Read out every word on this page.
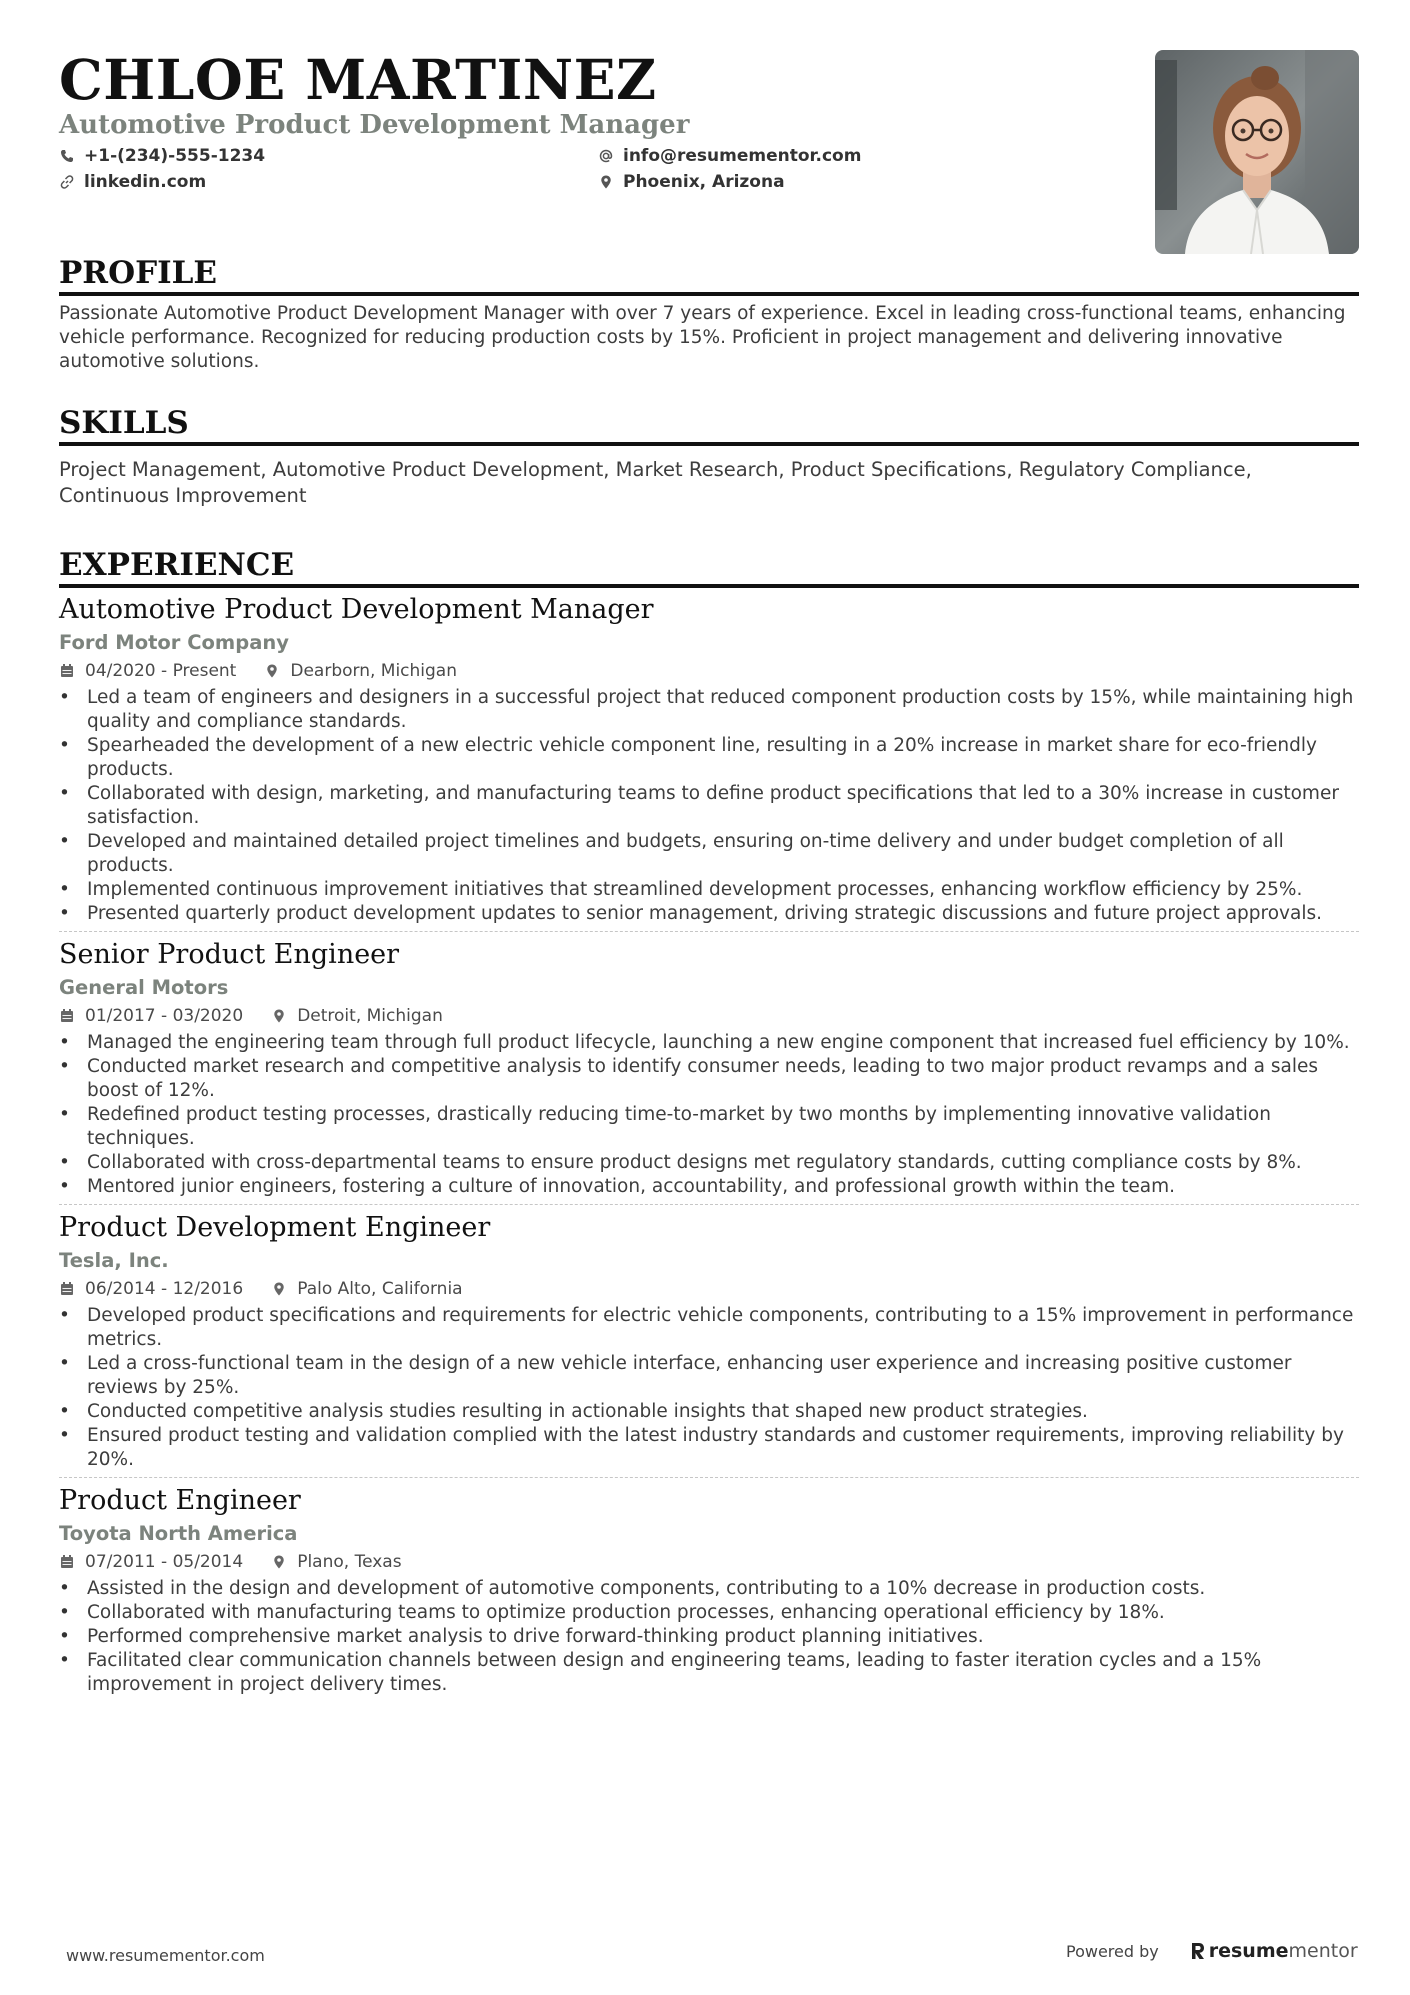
CHLOE MARTINEZ
Automotive Product Development Manager
+1-(234)-555-1234	info@resumementor.com
linkedin.com	Phoenix, Arizona
PROFILE
Passionate Automotive Product Development Manager with over 7 years of experience. Excel in leading cross-functional teams, enhancing vehicle performance. Recognized for reducing production costs by 15%. Proficient in project management and delivering innovative automotive solutions.
SKILLS
Project Management, Automotive Product Development, Market Research, Product Specifications, Regulatory Compliance, Continuous Improvement
EXPERIENCE
Automotive Product Development Manager
Ford Motor Company
04/2020 - Present	Dearborn, Michigan
• Led a team of engineers and designers in a successful project that reduced component production costs by 15%, while maintaining high quality and compliance standards.
• Spearheaded the development of a new electric vehicle component line, resulting in a 20% increase in market share for eco-friendly products.
• Collaborated with design, marketing, and manufacturing teams to define product specifications that led to a 30% increase in customer satisfaction.
• Developed and maintained detailed project timelines and budgets, ensuring on-time delivery and under budget completion of all products.
• Implemented continuous improvement initiatives that streamlined development processes, enhancing workflow efficiency by 25%.
• Presented quarterly product development updates to senior management, driving strategic discussions and future project approvals.
Senior Product Engineer
General Motors
01/2017 - 03/2020	Detroit, Michigan
• Managed the engineering team through full product lifecycle, launching a new engine component that increased fuel efficiency by 10%.
• Conducted market research and competitive analysis to identify consumer needs, leading to two major product revamps and a sales boost of 12%.
• Redefined product testing processes, drastically reducing time-to-market by two months by implementing innovative validation techniques.
• Collaborated with cross-departmental teams to ensure product designs met regulatory standards, cutting compliance costs by 8%.
• Mentored junior engineers, fostering a culture of innovation, accountability, and professional growth within the team.
Product Development Engineer
Tesla, Inc.
06/2014 - 12/2016	Palo Alto, California
• Developed product specifications and requirements for electric vehicle components, contributing to a 15% improvement in performance metrics.
• Led a cross-functional team in the design of a new vehicle interface, enhancing user experience and increasing positive customer reviews by 25%.
• Conducted competitive analysis studies resulting in actionable insights that shaped new product strategies.
• Ensured product testing and validation complied with the latest industry standards and customer requirements, improving reliability by 20%.
Product Engineer
Toyota North America
07/2011 - 05/2014	Plano, Texas
• Assisted in the design and development of automotive components, contributing to a 10% decrease in production costs.
• Collaborated with manufacturing teams to optimize production processes, enhancing operational efficiency by 18%.
• Performed comprehensive market analysis to drive forward-thinking product planning initiatives.
• Facilitated clear communication channels between design and engineering teams, leading to faster iteration cycles and a 15% improvement in project delivery times.
www.resumementor.com	Powered by	resume mentor
